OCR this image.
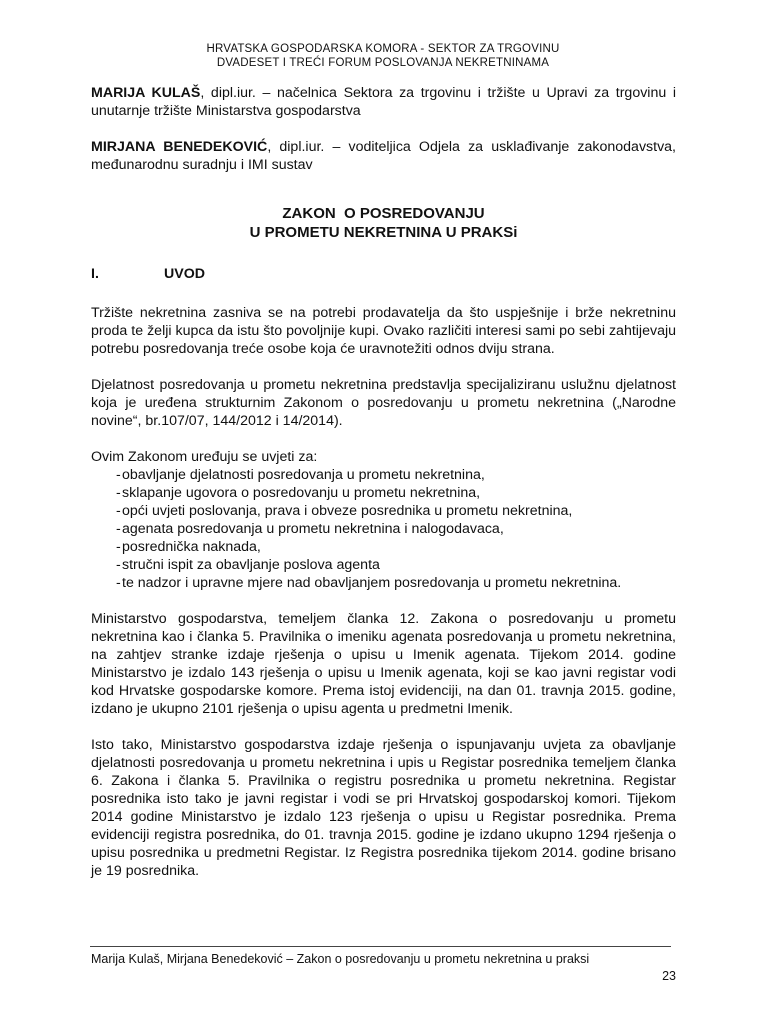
HRVATSKA GOSPODARSKA KOMORA - SEKTOR ZA TRGOVINU
DVADESET I TREĆI FORUM POSLOVANJA NEKRETNINAMA

MARIJA KULAŠ, dipl.iur. – načelnica Sektora za trgovinu i tržište u Upravi za trgovinu i unutarnje tržište Ministarstva gospodarstva

MIRJANA BENEDEKOVIĆ, dipl.iur. – voditeljica Odjela za usklađivanje zakonodavstva, međunarodnu suradnju i IMI sustav

ZAKON  O POSREDOVANJU
U PROMETU NEKRETNINA U PRAKSi
I.	UVOD

Tržište nekretnina zasniva se na potrebi prodavatelja da što uspješnije i brže nekretninu proda te želji kupca da istu što povoljnije kupi. Ovako različiti interesi sami po sebi zahtijevaju potrebu posredovanja treće osobe koja će uravnotežiti odnos dviju strana.

Djelatnost posredovanja u prometu nekretnina predstavlja specijaliziranu uslužnu djelatnost koja je uređena strukturnim Zakonom o posredovanju u prometu nekretnina („Narodne novine“, br.107/07, 144/2012 i 14/2014).

Ovim Zakonom uređuju se uvjeti za:

- obavljanje djelatnosti posredovanja u prometu nekretnina,
- sklapanje ugovora o posredovanju u prometu nekretnina,
- opći uvjeti poslovanja, prava i obveze posrednika u prometu nekretnina,
- agenata posredovanja u prometu nekretnina i nalogodavaca,
- posrednička naknada,
- stručni ispit za obavljanje poslova agenta
- te nadzor i upravne mjere nad obavljanjem posredovanja u prometu nekretnina.

Ministarstvo gospodarstva, temeljem članka 12. Zakona o posredovanju u prometu nekretnina kao i članka 5. Pravilnika o imeniku agenata posredovanja u prometu nekretnina, na zahtjev stranke izdaje rješenja o upisu u Imenik agenata. Tijekom 2014. godine Ministarstvo je izdalo 143 rješenja o upisu u Imenik agenata, koji se kao javni registar vodi kod Hrvatske gospodarske komore. Prema istoj evidenciji, na dan 01. travnja 2015. godine, izdano je ukupno 2101 rješenja o upisu agenta u predmetni Imenik.

Isto tako, Ministarstvo gospodarstva izdaje rješenja o ispunjavanju uvjeta za obavljanje djelatnosti posredovanja u prometu nekretnina i upis u Registar posrednika temeljem članka 6. Zakona i članka 5. Pravilnika o registru posrednika u prometu nekretnina. Registar posrednika isto tako je javni registar i vodi se pri Hrvatskoj gospodarskoj komori. Tijekom 2014 godine Ministarstvo je izdalo 123 rješenja o upisu u Registar posrednika. Prema evidenciji registra posrednika, do 01. travnja 2015. godine je izdano ukupno 1294 rješenja o upisu posrednika u predmetni Registar. Iz Registra posrednika tijekom 2014. godine brisano je 19 posrednika.

Marija Kulaš, Mirjana Benedeković – Zakon o posredovanju u prometu nekretnina u praksi
23
